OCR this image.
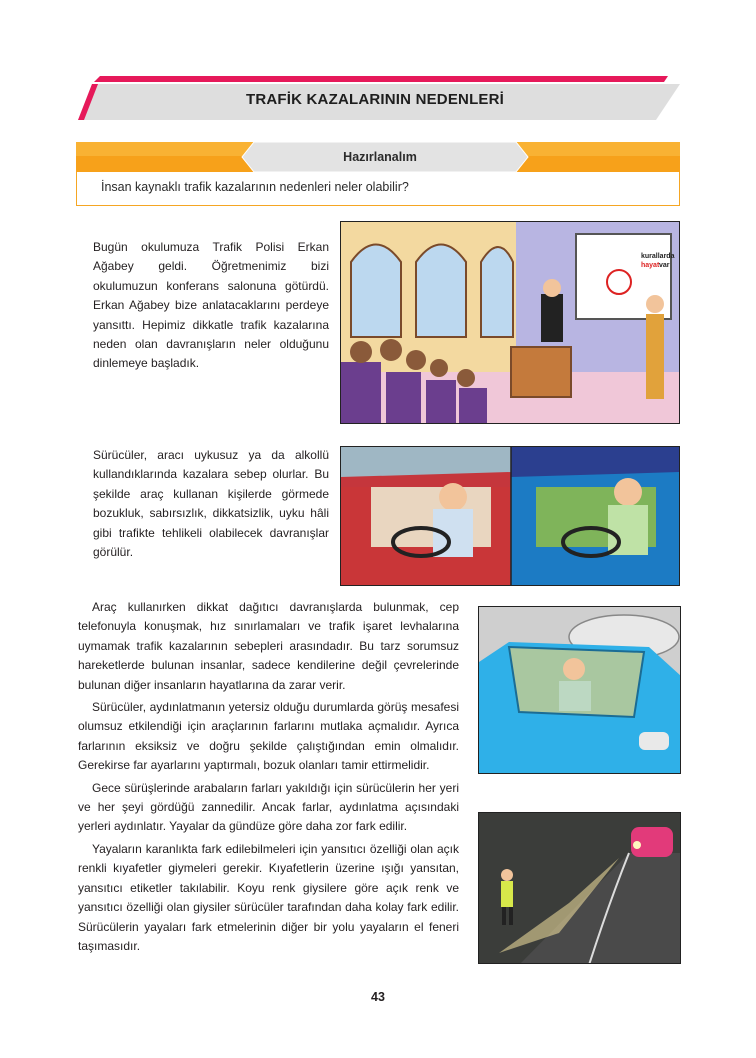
TRAFİK KAZALARININ NEDENLERİ
Hazırlanalım
İnsan kaynaklı trafik kazalarının nedenleri neler olabilir?
Bugün okulumuza Trafik Polisi Erkan Ağabey geldi. Öğretmenimiz bizi okulumuzun konferans salonuna götürdü. Erkan Ağabey bize anlatacaklarını perdeye yansıttı. Hepimiz dikkatle trafik kazalarına neden olan davranışların neler olduğunu dinlemeye başladık.
kurallarda
hayat var
Sürücüler, aracı uykusuz ya da alkollü kullandıklarında kazalara sebep olurlar. Bu şekilde araç kullanan kişilerde görmede bozukluk, sabırsızlık, dikkatsizlik, uyku hâli gibi trafikte tehlikeli olabilecek davranışlar görülür.

Araç kullanırken dikkat dağıtıcı davranışlarda bulunmak, cep telefonuyla konuşmak, hız sınırlamaları ve trafik işaret levhalarına uymamak trafik kazalarının sebepleri arasındadır. Bu tarz sorumsuz hareketlerde bulunan insanlar, sadece kendilerine değil çevrelerinde bulunan diğer insanların hayatlarına da zarar verir.

Sürücüler, aydınlatmanın yetersiz olduğu durumlarda görüş mesafesi olumsuz etkilendiği için araçlarının farlarını mutlaka açmalıdır. Ayrıca farlarının eksiksiz ve doğru şekilde çalıştığından emin olmalıdır. Gerekirse far ayarlarını yaptırmalı, bozuk olanları tamir ettirmelidir.

Gece sürüşlerinde arabaların farları yakıldığı için sürücülerin her yeri ve her şeyi gördüğü zannedilir. Ancak farlar, aydınlatma açısındaki yerleri aydınlatır. Yayalar da gündüze göre daha zor fark edilir.

Yayaların karanlıkta fark edilebilmeleri için yansıtıcı özelliği olan açık renkli kıyafetler giymeleri gerekir. Kıyafetlerin üzerine ışığı yansıtan, yansıtıcı etiketler takılabilir. Koyu renk giysilere göre açık renk ve yansıtıcı özelliği olan giysiler sürücüler tarafından daha kolay fark edilir. Sürücülerin yayaları fark etmelerinin diğer bir yolu yayaların el feneri taşımasıdır.

43
